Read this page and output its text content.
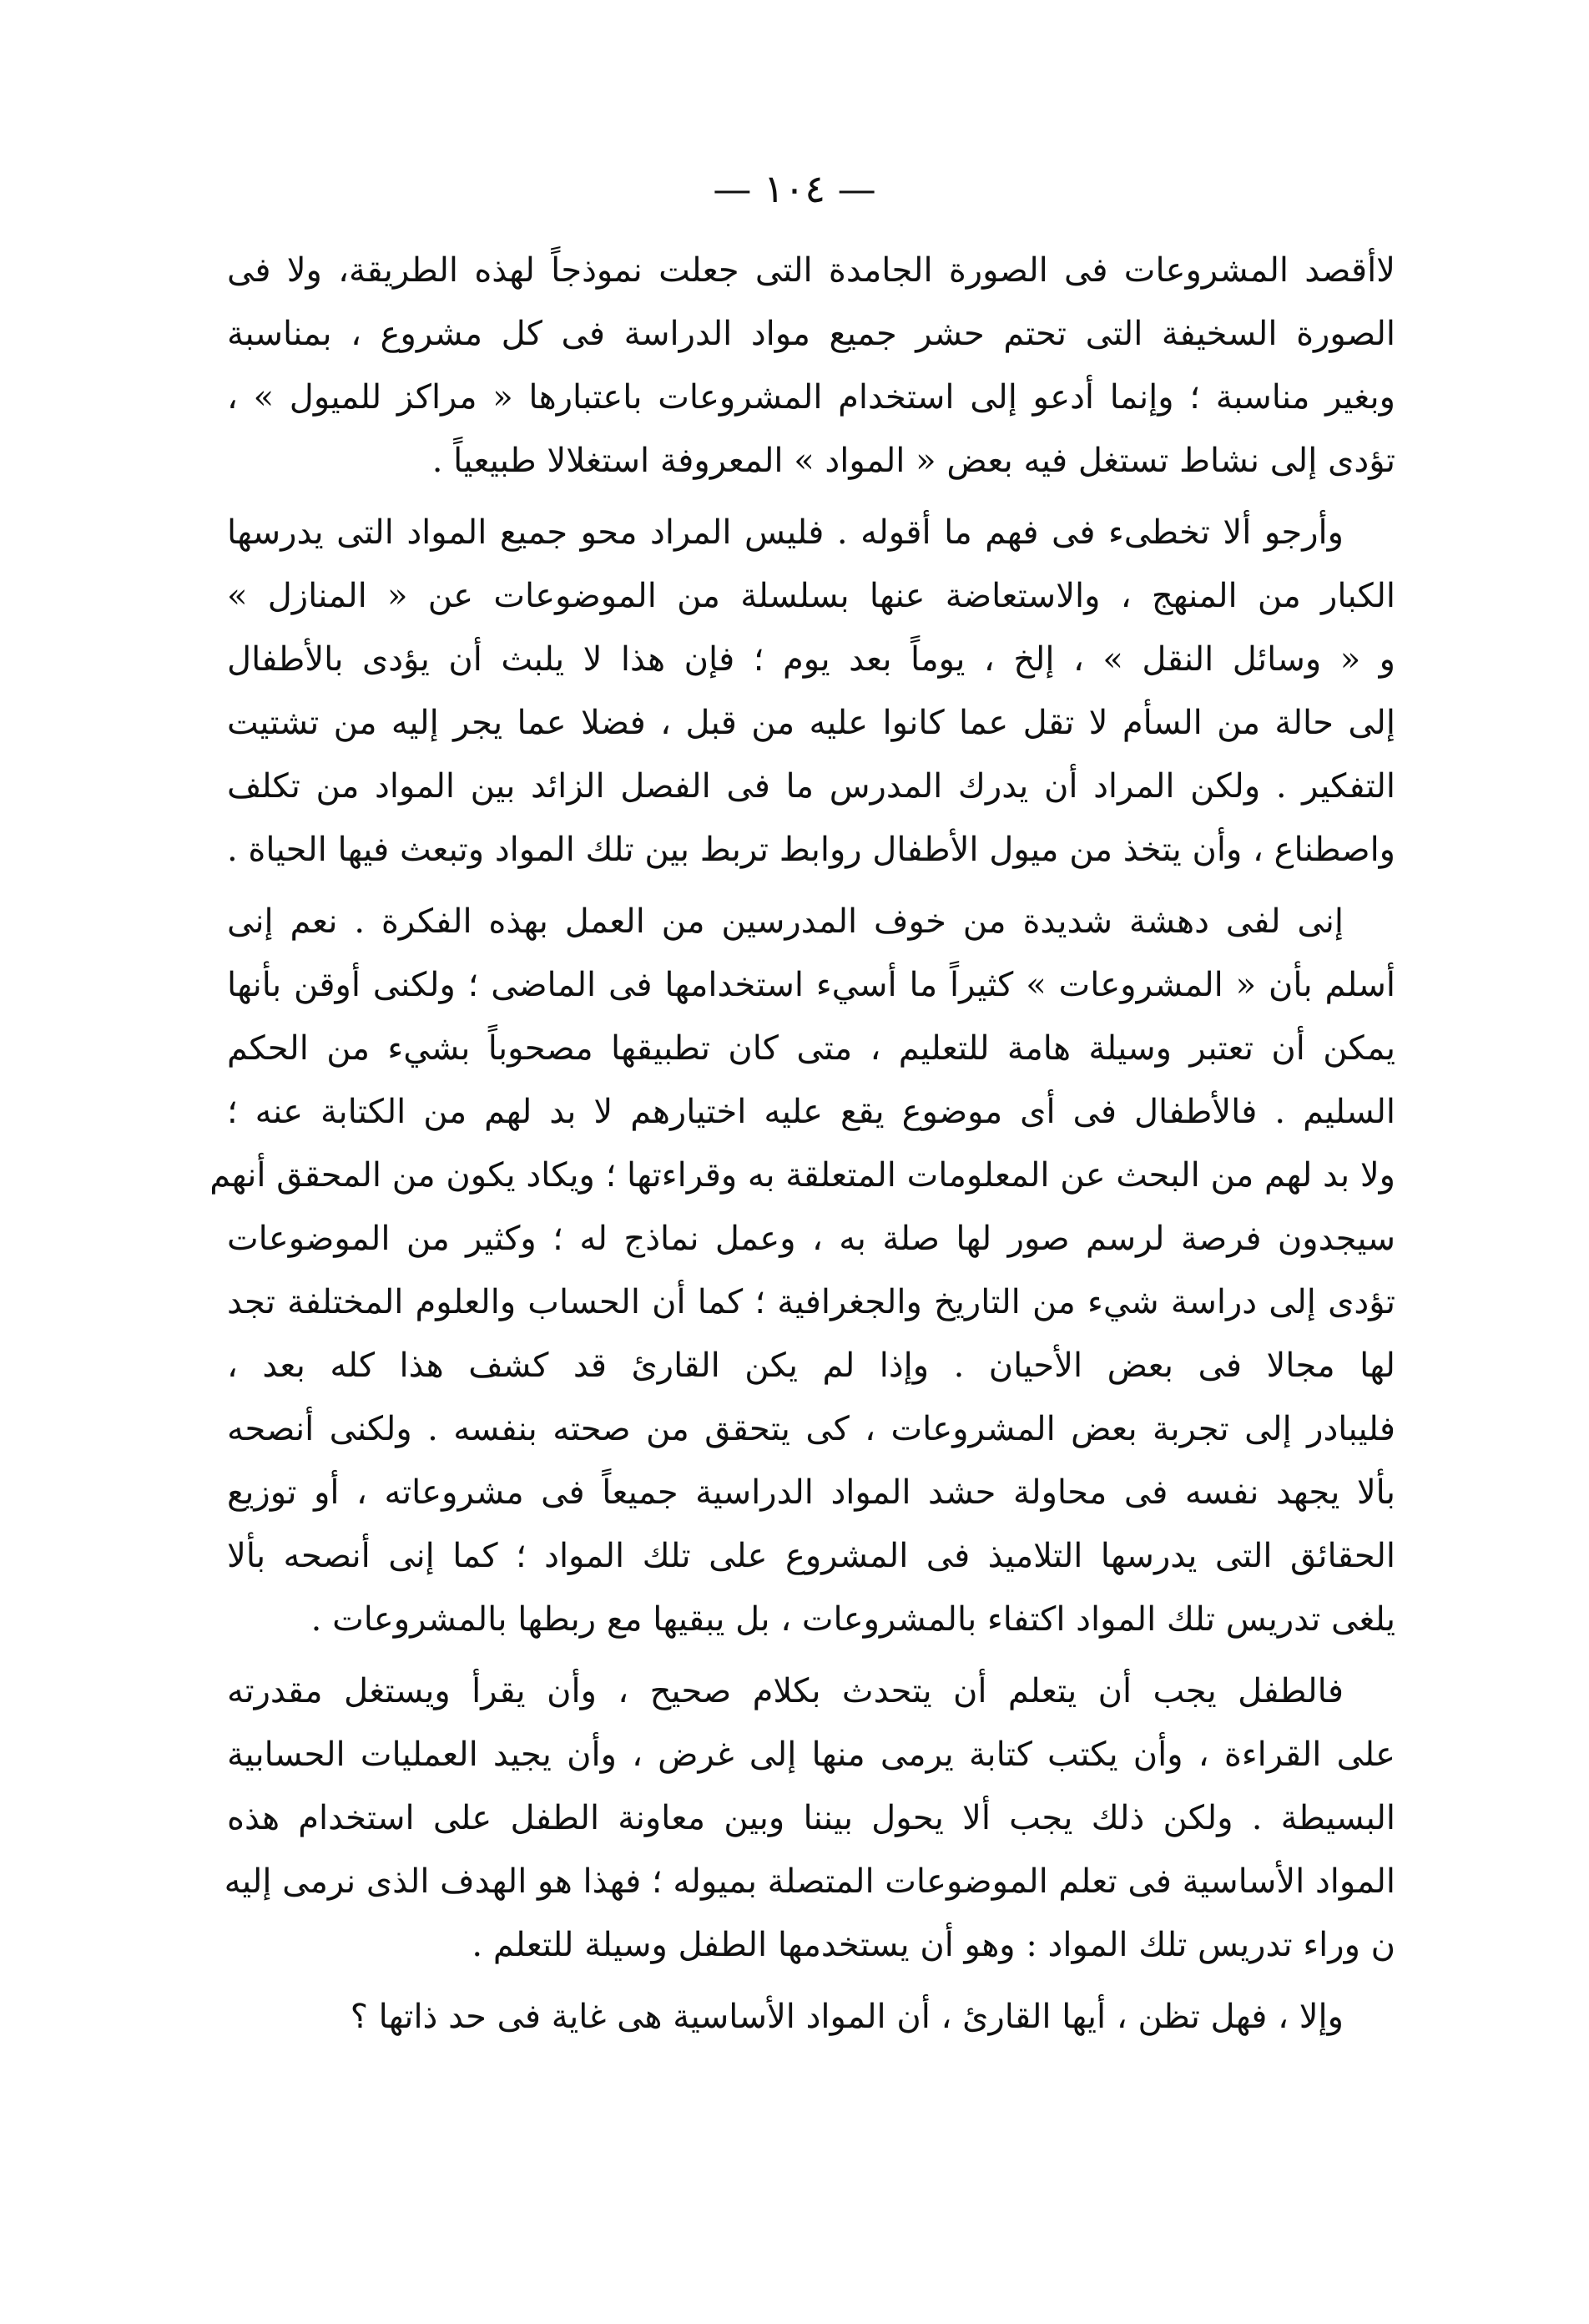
— ١٠٤ —
لاأقصد المشروعات فى الصورة الجامدة التى جعلت نموذجاً لهذه الطريقة، ولا فى
الصورة السخيفة التى تحتم حشر جميع مواد الدراسة فى كل مشروع ، بمناسبة
وبغير مناسبة ؛ وإنما أدعو إلى استخدام المشروعات باعتبارها « مراكز للميول » ،
تؤدى إلى نشاط تستغل فيه بعض « المواد » المعروفة استغلالا طبيعياً .
وأرجو ألا تخطىء فى فهم ما أقوله . فليس المراد محو جميع المواد التى يدرسها
الكبار من المنهج ، والاستعاضة عنها بسلسلة من الموضوعات عن « المنازل »
و « وسائل النقل » ، إلخ ، يوماً بعد يوم ؛ فإن هذا لا يلبث أن يؤدى بالأطفال
إلى حالة من السأم لا تقل عما كانوا عليه من قبل ، فضلا عما يجر إليه من تشتيت
التفكير . ولكن المراد أن يدرك المدرس ما فى الفصل الزائد بين المواد من تكلف
واصطناع ، وأن يتخذ من ميول الأطفال روابط تربط بين تلك المواد وتبعث فيها الحياة .
إنى لفى دهشة شديدة من خوف المدرسين من العمل بهذه الفكرة . نعم إنى
أسلم بأن « المشروعات » كثيراً ما أسيء استخدامها فى الماضى ؛ ولكنى أوقن بأنها
يمكن أن تعتبر وسيلة هامة للتعليم ، متى كان تطبيقها مصحوباً بشيء من الحكم
السليم . فالأطفال فى أى موضوع يقع عليه اختيارهم لا بد لهم من الكتابة عنه ؛
ولا بد لهم من البحث عن المعلومات المتعلقة به وقراءتها ؛ ويكاد يكون من المحقق أنهم
سيجدون فرصة لرسم صور لها صلة به ، وعمل نماذج له ؛ وكثير من الموضوعات
تؤدى إلى دراسة شيء من التاريخ والجغرافية ؛ كما أن الحساب والعلوم المختلفة تجد
لها مجالا فى بعض الأحيان . وإذا لم يكن القارئ قد كشف هذا كله بعد ،
فليبادر إلى تجربة بعض المشروعات ، كى يتحقق من صحته بنفسه . ولكنى أنصحه
بألا يجهد نفسه فى محاولة حشد المواد الدراسية جميعاً فى مشروعاته ، أو توزيع
الحقائق التى يدرسها التلاميذ فى المشروع على تلك المواد ؛ كما إنى أنصحه بألا
يلغى تدريس تلك المواد اكتفاء بالمشروعات ، بل يبقيها مع ربطها بالمشروعات .
فالطفل يجب أن يتعلم أن يتحدث بكلام صحيح ، وأن يقرأ ويستغل مقدرته
على القراءة ، وأن يكتب كتابة يرمى منها إلى غرض ، وأن يجيد العمليات الحسابية
البسيطة . ولكن ذلك يجب ألا يحول بيننا وبين معاونة الطفل على استخدام هذه
المواد الأساسية فى تعلم الموضوعات المتصلة بميوله ؛ فهذا هو الهدف الذى نرمى إليه
ن وراء تدريس تلك المواد : وهو أن يستخدمها الطفل وسيلة للتعلم .
وإلا ، فهل تظن ، أيها القارئ ، أن المواد الأساسية هى غاية فى حد ذاتها ؟
